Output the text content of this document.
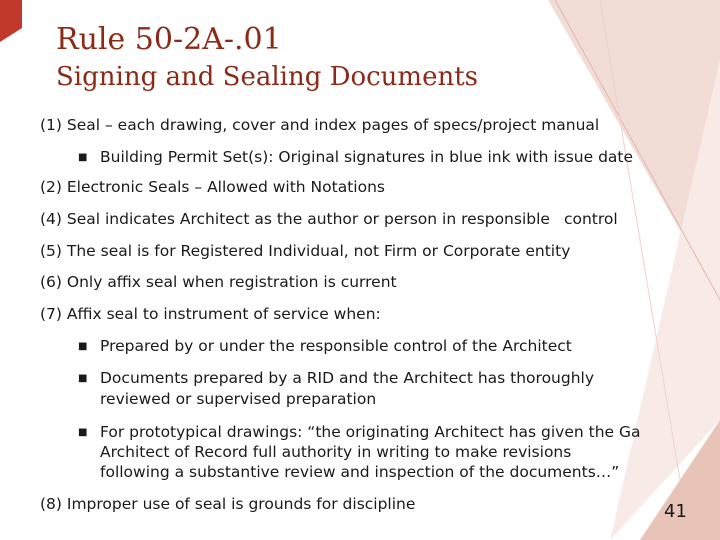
Rule 50-2A-.01
Signing and Sealing Documents
(1) Seal – each drawing, cover and index pages of specs/project manual
■ Building Permit Set(s): Original signatures in blue ink with issue date
(2) Electronic Seals – Allowed with Notations
(4) Seal indicates Architect as the author or person in responsible control
(5) The seal is for Registered Individual, not Firm or Corporate entity
(6) Only affix seal when registration is current
(7) Affix seal to instrument of service when:
■ Prepared by or under the responsible control of the Architect
■ Documents prepared by a RID and the Architect has thoroughly
reviewed or supervised preparation
■ For prototypical drawings: “the originating Architect has given the Ga
Architect of Record full authority in writing to make revisions
following a substantive review and inspection of the documents…”
(8) Improper use of seal is grounds for discipline	41
